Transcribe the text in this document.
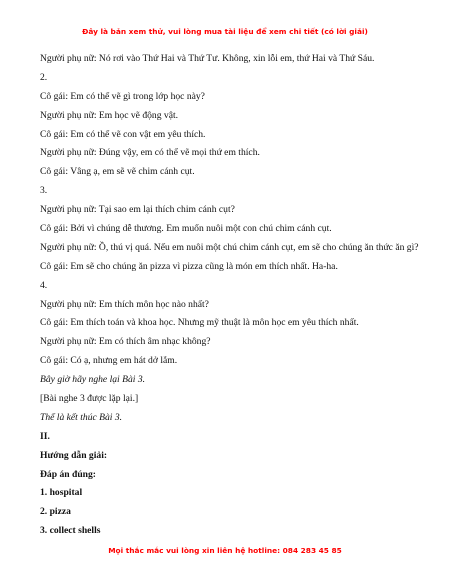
Đây là bản xem thử, vui lòng mua tài liệu để xem chi tiết (có lời giải)

Người phụ nữ: Nó rơi vào Thứ Hai và Thứ Tư. Không, xin lỗi em, thứ Hai và Thứ Sáu.

2.

Cô gái: Em có thể vẽ gì trong lớp học này?

Người phụ nữ: Em học vẽ động vật.

Cô gái: Em có thể vẽ con vật em yêu thích.

Người phụ nữ: Đúng vậy, em có thể vẽ mọi thứ em thích.

Cô gái: Vâng ạ, em sẽ vẽ chim cánh cụt.

3.

Người phụ nữ: Tại sao em lại thích chim cánh cụt?

Cô gái: Bởi vì chúng dễ thương. Em muốn nuôi một con chú chim cánh cụt.

Người phụ nữ: Ồ, thú vị quá. Nếu em nuôi một chú chim cánh cụt, em sẽ cho chúng ăn thức ăn gì?

Cô gái: Em sẽ cho chúng ăn pizza vì pizza cũng là món em thích nhất. Ha-ha.

4.

Người phụ nữ: Em thích môn học nào nhất?

Cô gái: Em thích toán và khoa học. Nhưng mỹ thuật là môn học em yêu thích nhất.

Người phụ nữ: Em có thích âm nhạc không?

Cô gái: Có ạ, nhưng em hát dở lắm.

Bây giờ hãy nghe lại Bài 3.

[Bài nghe 3 được lặp lại.]

Thế là kết thúc Bài 3.

II.

Hướng dẫn giải:

Đáp án đúng:

1. hospital

2. pizza

3. collect shells

Mọi thắc mắc vui lòng xin liên hệ hotline: 084 283 45 85
